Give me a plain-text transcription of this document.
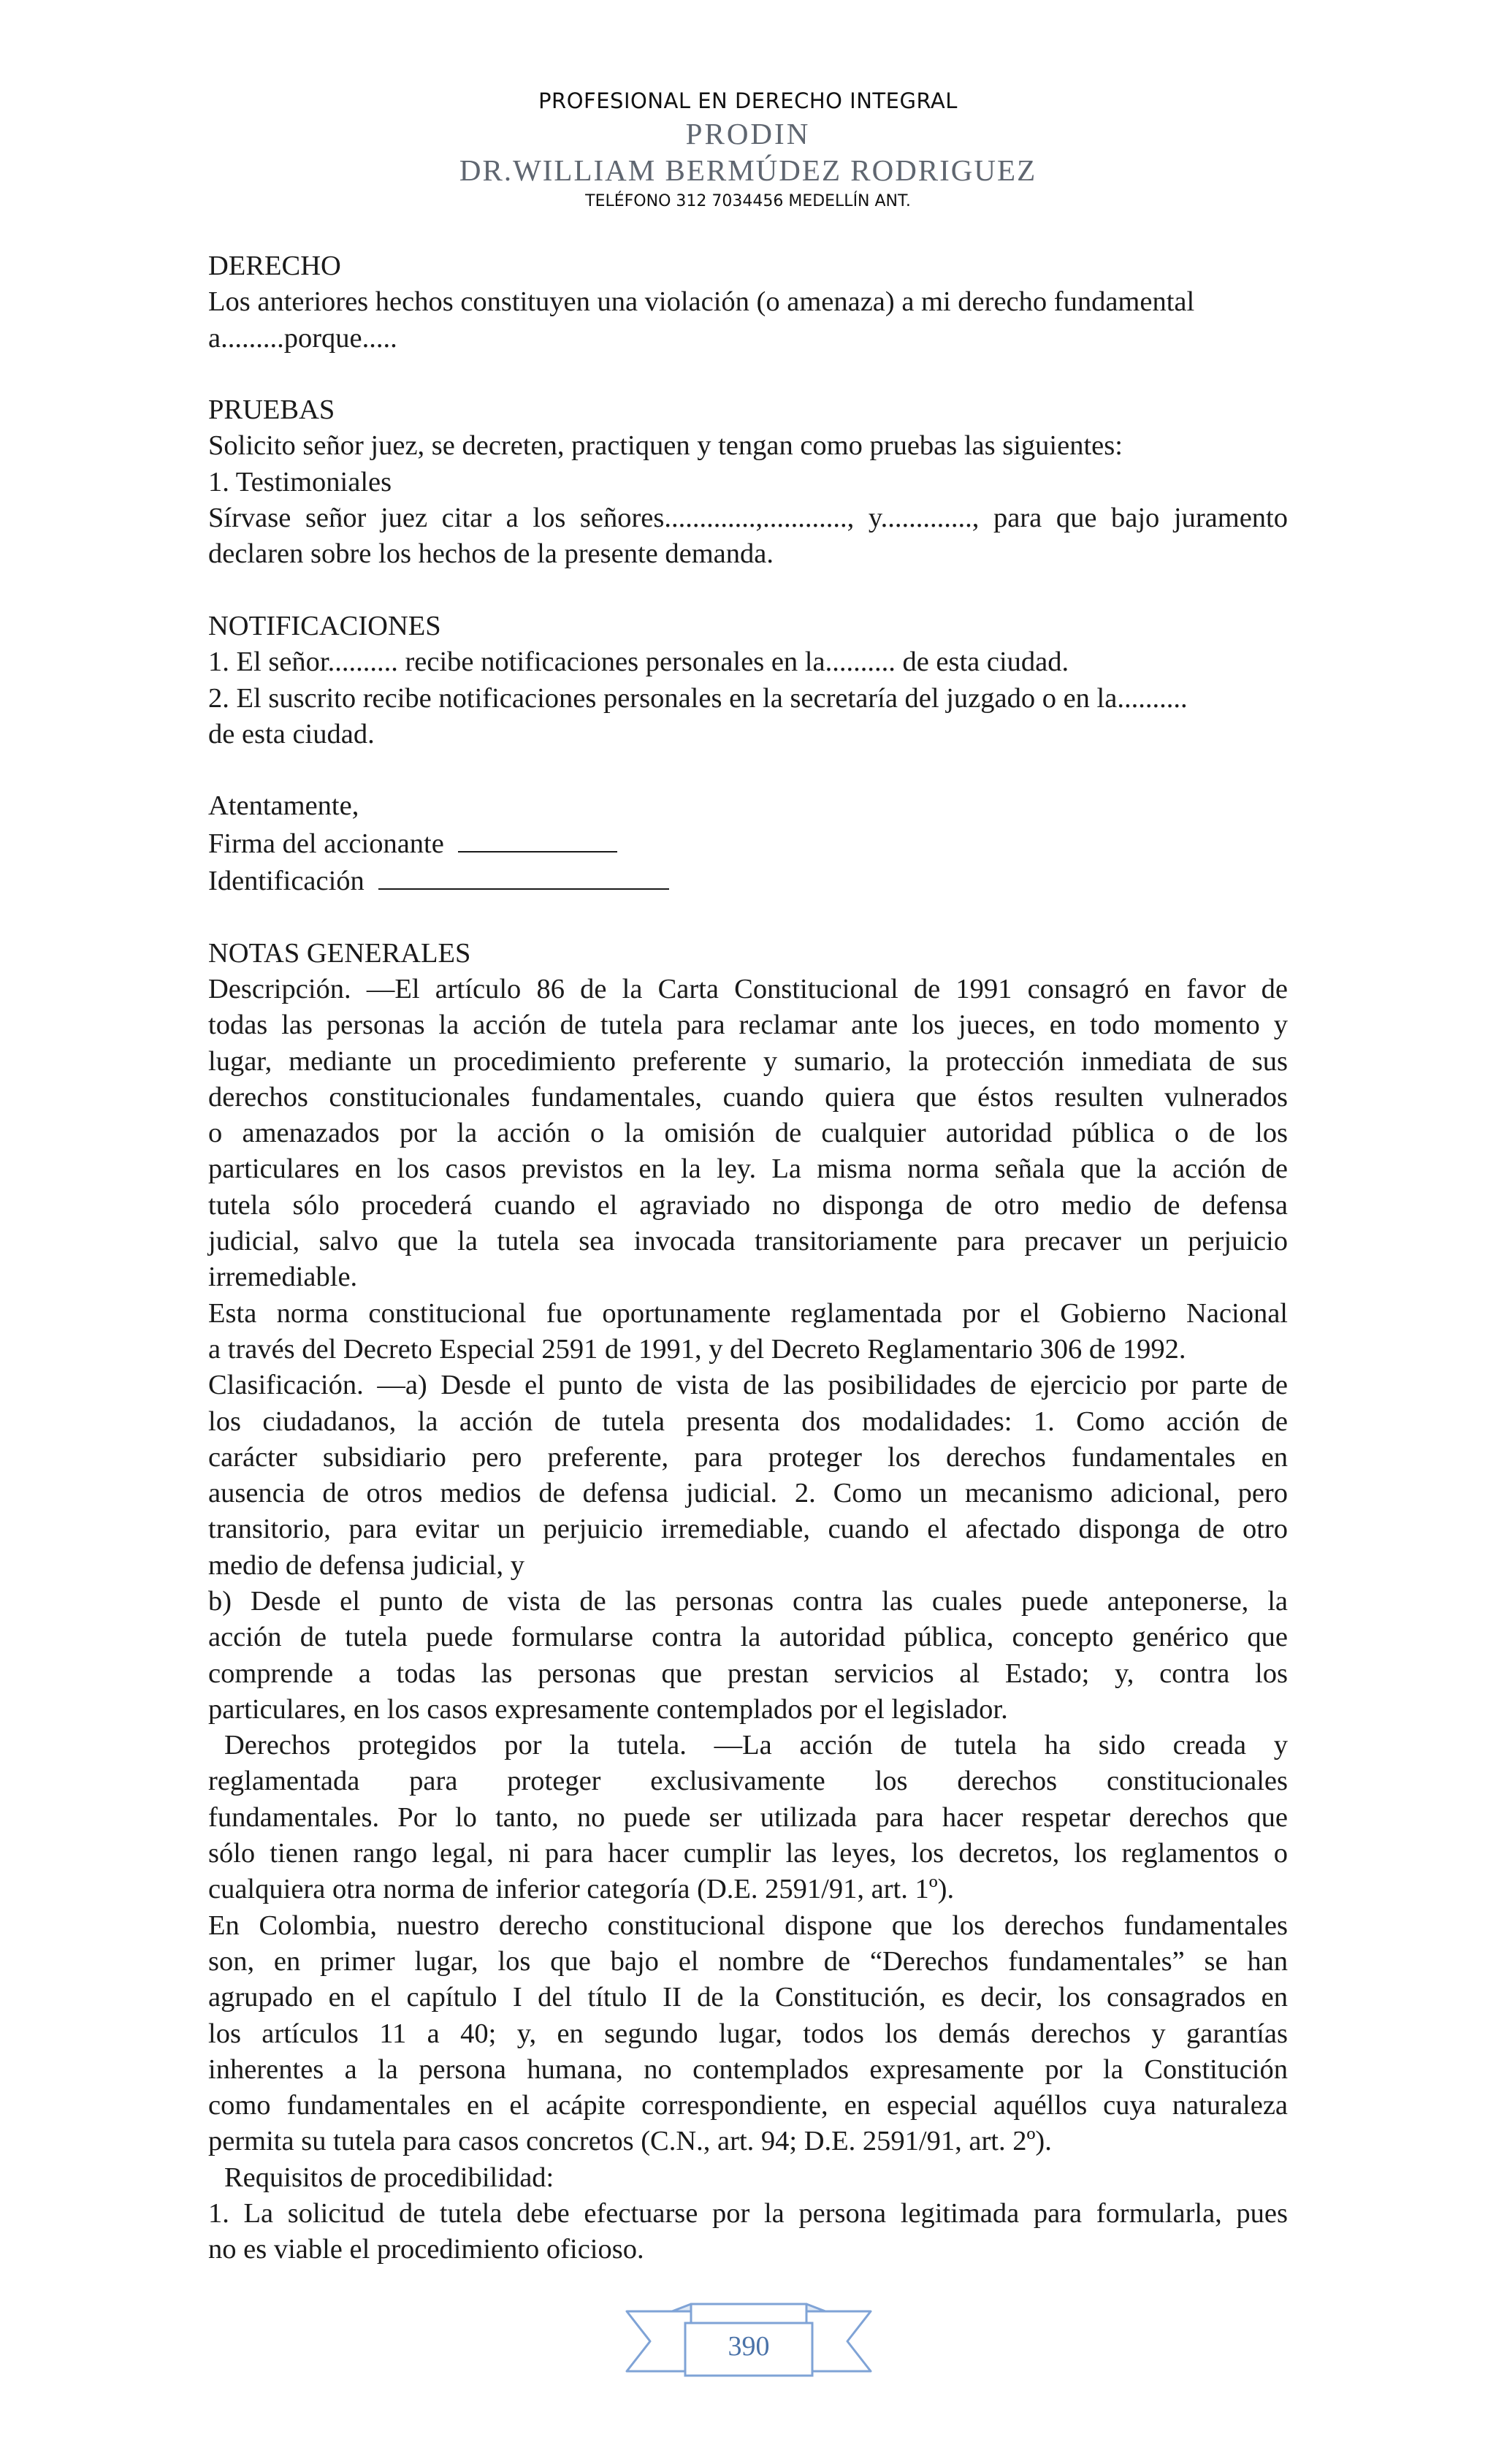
PROFESIONAL EN DERECHO INTEGRAL
PRODIN
DR.WILLIAM BERMÚDEZ RODRIGUEZ
TELÉFONO 312 7034456 MEDELLÍN ANT.
DERECHO
Los anteriores hechos constituyen una violación (o amenaza) a mi derecho fundamental
a.........porque.....
PRUEBAS
Solicito señor juez, se decreten, practiquen y tengan como pruebas las siguientes:
1. Testimoniales
Sírvase señor juez citar a los señores.............,............, y............., para que bajo juramento
declaren sobre los hechos de la presente demanda.
NOTIFICACIONES
1. El señor.......... recibe notificaciones personales en la.......... de esta ciudad.
2. El suscrito recibe notificaciones personales en la secretaría del juzgado o en la..........
de esta ciudad.
Atentamente,
Firma del accionante
Identificación
NOTAS GENERALES
Descripción. —El artículo 86 de la Carta Constitucional de 1991 consagró en favor de
todas las personas la acción de tutela para reclamar ante los jueces, en todo momento y
lugar, mediante un procedimiento preferente y sumario, la protección inmediata de sus
derechos constitucionales fundamentales, cuando quiera que éstos resulten vulnerados
o amenazados por la acción o la omisión de cualquier autoridad pública o de los
particulares en los casos previstos en la ley. La misma norma señala que la acción de
tutela sólo procederá cuando el agraviado no disponga de otro medio de defensa
judicial, salvo que la tutela sea invocada transitoriamente para precaver un perjuicio
irremediable.
Esta norma constitucional fue oportunamente reglamentada por el Gobierno Nacional
a través del Decreto Especial 2591 de 1991, y del Decreto Reglamentario 306 de 1992.
Clasificación. —a) Desde el punto de vista de las posibilidades de ejercicio por parte de
los ciudadanos, la acción de tutela presenta dos modalidades: 1. Como acción de
carácter subsidiario pero preferente, para proteger los derechos fundamentales en
ausencia de otros medios de defensa judicial. 2. Como un mecanismo adicional, pero
transitorio, para evitar un perjuicio irremediable, cuando el afectado disponga de otro
medio de defensa judicial, y
b) Desde el punto de vista de las personas contra las cuales puede anteponerse, la
acción de tutela puede formularse contra la autoridad pública, concepto genérico que
comprende a todas las personas que prestan servicios al Estado; y, contra los
particulares, en los casos expresamente contemplados por el legislador.
Derechos protegidos por la tutela. —La acción de tutela ha sido creada y
reglamentada para proteger exclusivamente los derechos constitucionales
fundamentales. Por lo tanto, no puede ser utilizada para hacer respetar derechos que
sólo tienen rango legal, ni para hacer cumplir las leyes, los decretos, los reglamentos o
cualquiera otra norma de inferior categoría (D.E. 2591/91, art. 1º).
En Colombia, nuestro derecho constitucional dispone que los derechos fundamentales
son, en primer lugar, los que bajo el nombre de “Derechos fundamentales” se han
agrupado en el capítulo I del título II de la Constitución, es decir, los consagrados en
los artículos 11 a 40; y, en segundo lugar, todos los demás derechos y garantías
inherentes a la persona humana, no contemplados expresamente por la Constitución
como fundamentales en el acápite correspondiente, en especial aquéllos cuya naturaleza
permita su tutela para casos concretos (C.N., art. 94; D.E. 2591/91, art. 2º).
Requisitos de procedibilidad:
1. La solicitud de tutela debe efectuarse por la persona legitimada para formularla, pues
no es viable el procedimiento oficioso.
390
